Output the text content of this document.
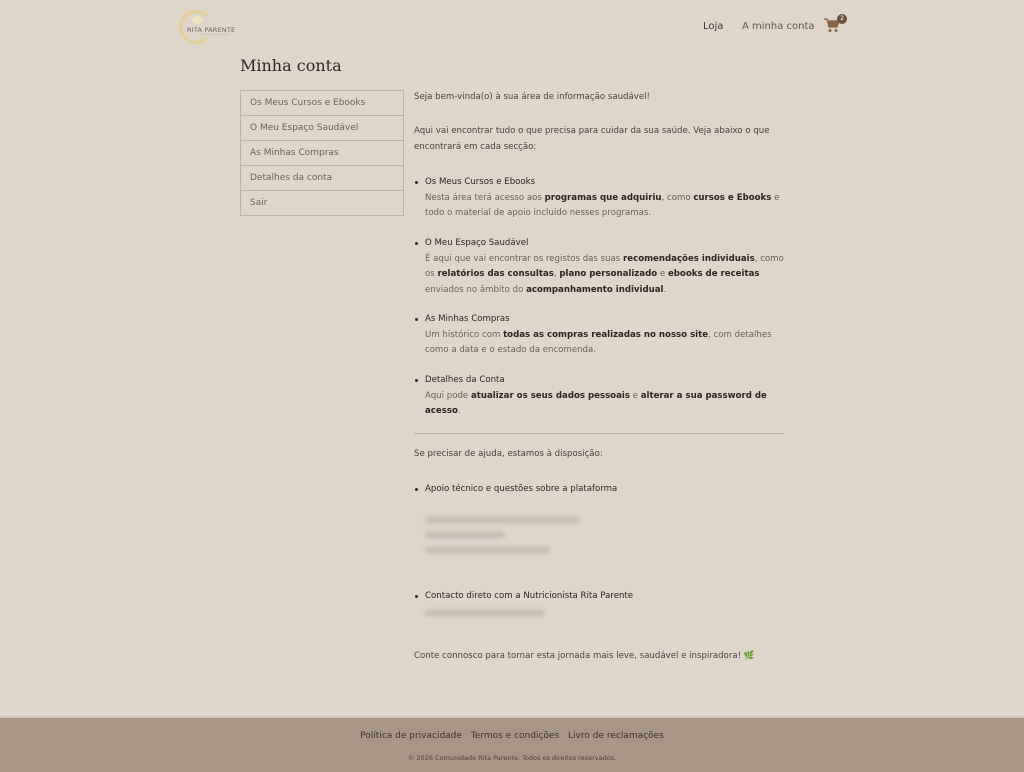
RITA PARENTE	Loja A minha conta
2
Minha conta
Os Meus Cursos e Ebooks
O Meu Espaço Saudável
As Minhas Compras
Detalhes da conta
Sair

Seja bem-vinda(o) à sua área de informação saudável!

Aqui vai encontrar tudo o que precisa para cuidar da sua saúde. Veja abaixo o que encontrará em cada secção:

Os Meus Cursos e Ebooks
Nesta área terá acesso aos programas que adquiriu, como cursos e Ebooks e todo o material de apoio incluído nesses programas.
O Meu Espaço Saudável
É aqui que vai encontrar os registos das suas recomendações individuais, como os relatórios das consultas, plano personalizado e ebooks de receitas enviados no âmbito do acompanhamento individual.
As Minhas Compras
Um histórico com todas as compras realizadas no nosso site, com detalhes como a data e o estado da encomenda.
Detalhes da Conta
Aqui pode atualizar os seus dados pessoais e alterar a sua password de acesso.

Se precisar de ajuda, estamos à disposição:

Apoio técnico e questões sobre a plataforma
Contacto direto com a Nutricionista Rita Parente

Conte connosco para tornar esta jornada mais leve, saudável e inspiradora! 🌿

Política de privacidade Termos e condições Livro de reclamações
© 2026 Comunidade Rita Parente. Todos os direitos reservados.
